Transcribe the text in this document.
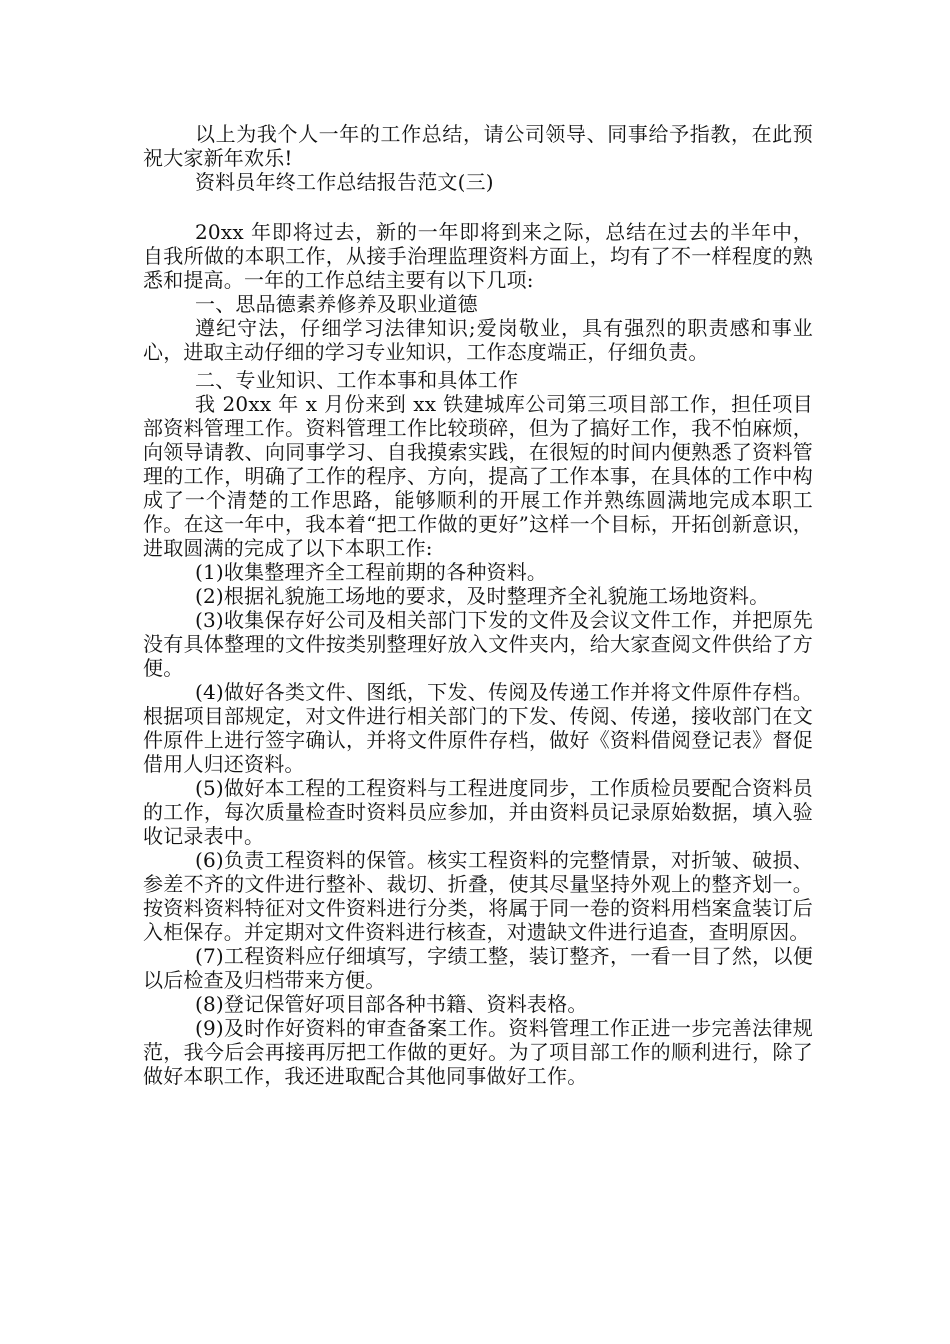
以上为我个人一年的工作总结，请公司领导、同事给予指教，在此预祝大家新年欢乐!

资料员年终工作总结报告范文(三)

20xx 年即将过去，新的一年即将到来之际，总结在过去的半年中，自我所做的本职工作，从接手治理监理资料方面上，均有了不一样程度的熟悉和提高。一年的工作总结主要有以下几项:

一、思品德素养修养及职业道德

遵纪守法，仔细学习法律知识;爱岗敬业，具有强烈的职责感和事业心，进取主动仔细的学习专业知识，工作态度端正，仔细负责。

二、专业知识、工作本事和具体工作

我 20xx 年 x 月份来到 xx 铁建城库公司第三项目部工作，担任项目部资料管理工作。资料管理工作比较琐碎，但为了搞好工作，我不怕麻烦，向领导请教、向同事学习、自我摸索实践，在很短的时间内便熟悉了资料管理的工作，明确了工作的程序、方向，提高了工作本事，在具体的工作中构成了一个清楚的工作思路，能够顺利的开展工作并熟练圆满地完成本职工作。在这一年中，我本着“把工作做的更好”这样一个目标，开拓创新意识，进取圆满的完成了以下本职工作:

(1)收集整理齐全工程前期的各种资料。

(2)根据礼貌施工场地的要求，及时整理齐全礼貌施工场地资料。

(3)收集保存好公司及相关部门下发的文件及会议文件工作，并把原先没有具体整理的文件按类别整理好放入文件夹内，给大家查阅文件供给了方便。

(4)做好各类文件、图纸，下发、传阅及传递工作并将文件原件存档。根据项目部规定，对文件进行相关部门的下发、传阅、传递，接收部门在文件原件上进行签字确认，并将文件原件存档，做好《资料借阅登记表》督促借用人归还资料。

(5)做好本工程的工程资料与工程进度同步，工作质检员要配合资料员的工作，每次质量检查时资料员应参加，并由资料员记录原始数据，填入验收记录表中。

(6)负责工程资料的保管。核实工程资料的完整情景，对折皱、破损、参差不齐的文件进行整补、裁切、折叠，使其尽量坚持外观上的整齐划一。按资料资料特征对文件资料进行分类，将属于同一卷的资料用档案盒装订后入柜保存。并定期对文件资料进行核查，对遗缺文件进行追查，查明原因。

(7)工程资料应仔细填写，字绩工整，装订整齐，一看一目了然，以便以后检查及归档带来方便。

(8)登记保管好项目部各种书籍、资料表格。

(9)及时作好资料的审查备案工作。资料管理工作正进一步完善法律规范，我今后会再接再厉把工作做的更好。为了项目部工作的顺利进行，除了做好本职工作，我还进取配合其他同事做好工作。
